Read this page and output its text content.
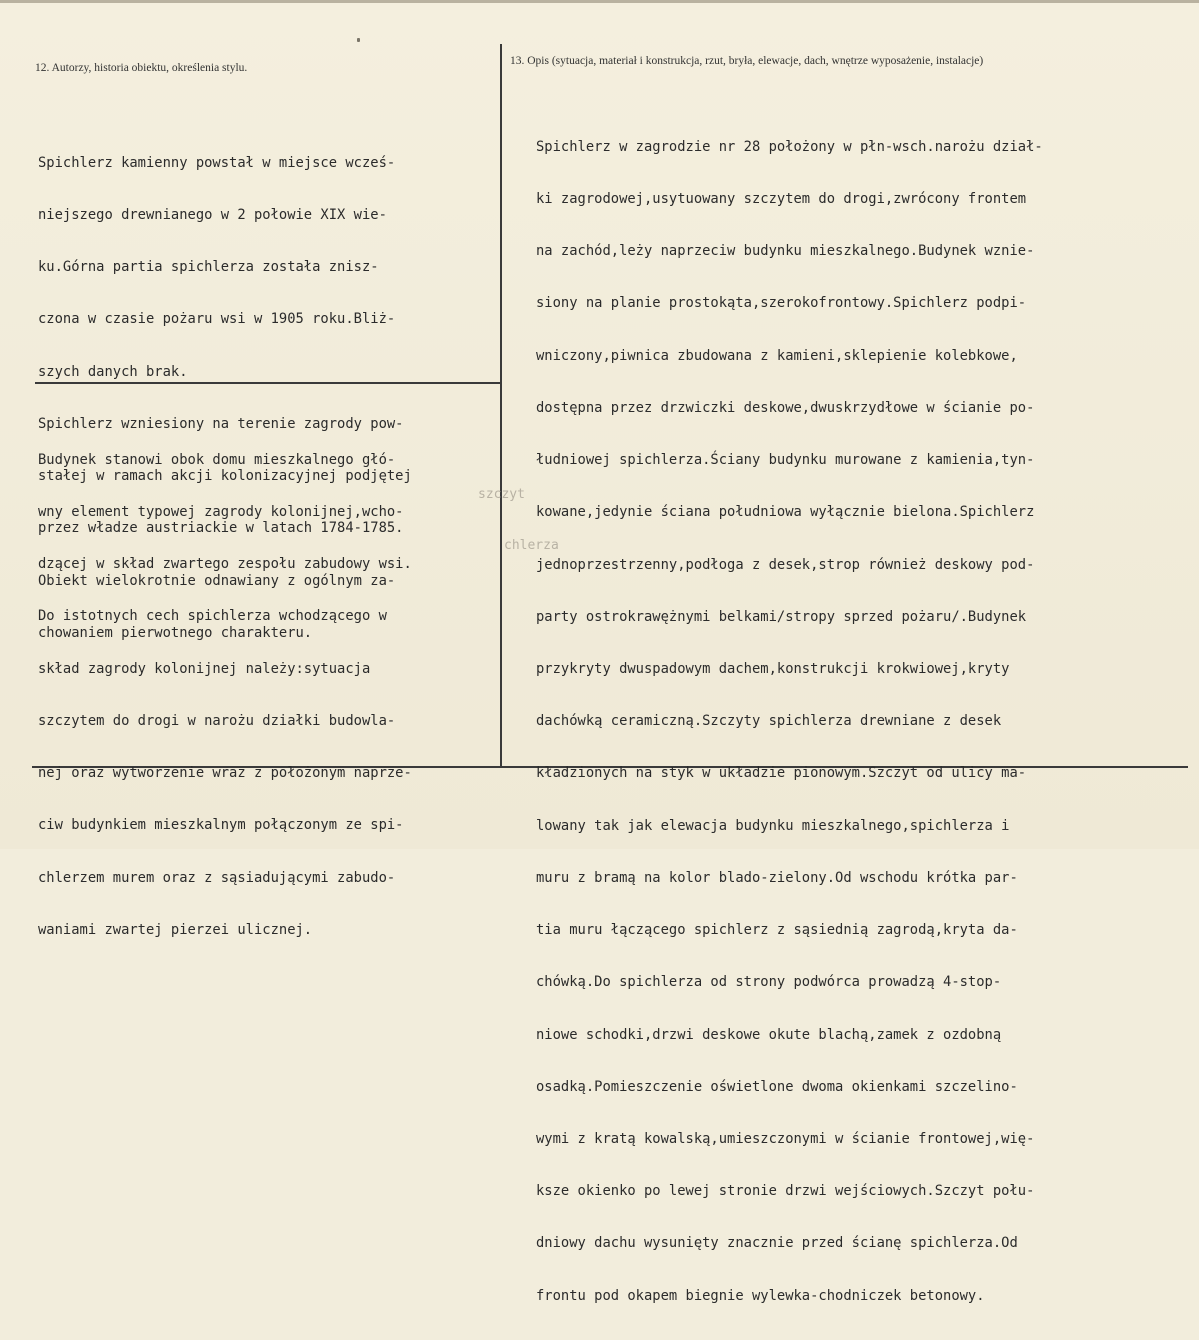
12. Autorzy, historia obiektu, określenia stylu.

13. Opis (sytuacja, materiał i konstrukcja, rzut, bryła, elewacje, dach, wnętrze wyposażenie, instalacje)

Spichlerz kamienny powstał w miejsce wcześ-

niejszego drewnianego w 2 połowie XIX wie-

ku.Górna partia spichlerza została znisz-

czona w czasie pożaru wsi w 1905 roku.Bliż-

szych danych brak.

Spichlerz wzniesiony na terenie zagrody pow-

stałej w ramach akcji kolonizacyjnej podjętej

przez władze austriackie w latach 1784-1785.

Obiekt wielokrotnie odnawiany z ogólnym za-

chowaniem pierwotnego charakteru.

Budynek stanowi obok domu mieszkalnego głó-

wny element typowej zagrody kolonijnej,wcho-

dzącej w skład zwartego zespołu zabudowy wsi.

Do istotnych cech spichlerza wchodzącego w

skład zagrody kolonijnej należy:sytuacja

szczytem do drogi w narożu działki budowla-

nej oraz wytworzenie wraz z położonym naprze-

ciw budynkiem mieszkalnym połączonym ze spi-

chlerzem murem oraz z sąsiadującymi zabudo-

waniami zwartej pierzei ulicznej.

szczyt

chlerza

Spichlerz w zagrodzie nr 28 położony w płn-wsch.narożu dział-

ki zagrodowej,usytuowany szczytem do drogi,zwrócony frontem

na zachód,leży naprzeciw budynku mieszkalnego.Budynek wznie-

siony na planie prostokąta,szerokofrontowy.Spichlerz podpi-

wniczony,piwnica zbudowana z kamieni,sklepienie kolebkowe,

dostępna przez drzwiczki deskowe,dwuskrzydłowe w ścianie po-

łudniowej spichlerza.Ściany budynku murowane z kamienia,tyn-

kowane,jedynie ściana południowa wyłącznie bielona.Spichlerz

jednoprzestrzenny,podłoga z desek,strop również deskowy pod-

party ostrokrawężnymi belkami/stropy sprzed pożaru/.Budynek

przykryty dwuspadowym dachem,konstrukcji krokwiowej,kryty

dachówką ceramiczną.Szczyty spichlerza drewniane z desek

kładzionych na styk w układzie pionowym.Szczyt od ulicy ma-

lowany tak jak elewacja budynku mieszkalnego,spichlerza i

muru z bramą na kolor blado-zielony.Od wschodu krótka par-

tia muru łączącego spichlerz z sąsiednią zagrodą,kryta da-

chówką.Do spichlerza od strony podwórca prowadzą 4-stop-

niowe schodki,drzwi deskowe okute blachą,zamek z ozdobną

osadką.Pomieszczenie oświetlone dwoma okienkami szczelino-

wymi z kratą kowalską,umieszczonymi w ścianie frontowej,wię-

ksze okienko po lewej stronie drzwi wejściowych.Szczyt połu-

dniowy dachu wysunięty znacznie przed ścianę spichlerza.Od

frontu pod okapem biegnie wylewka-chodniczek betonowy.
